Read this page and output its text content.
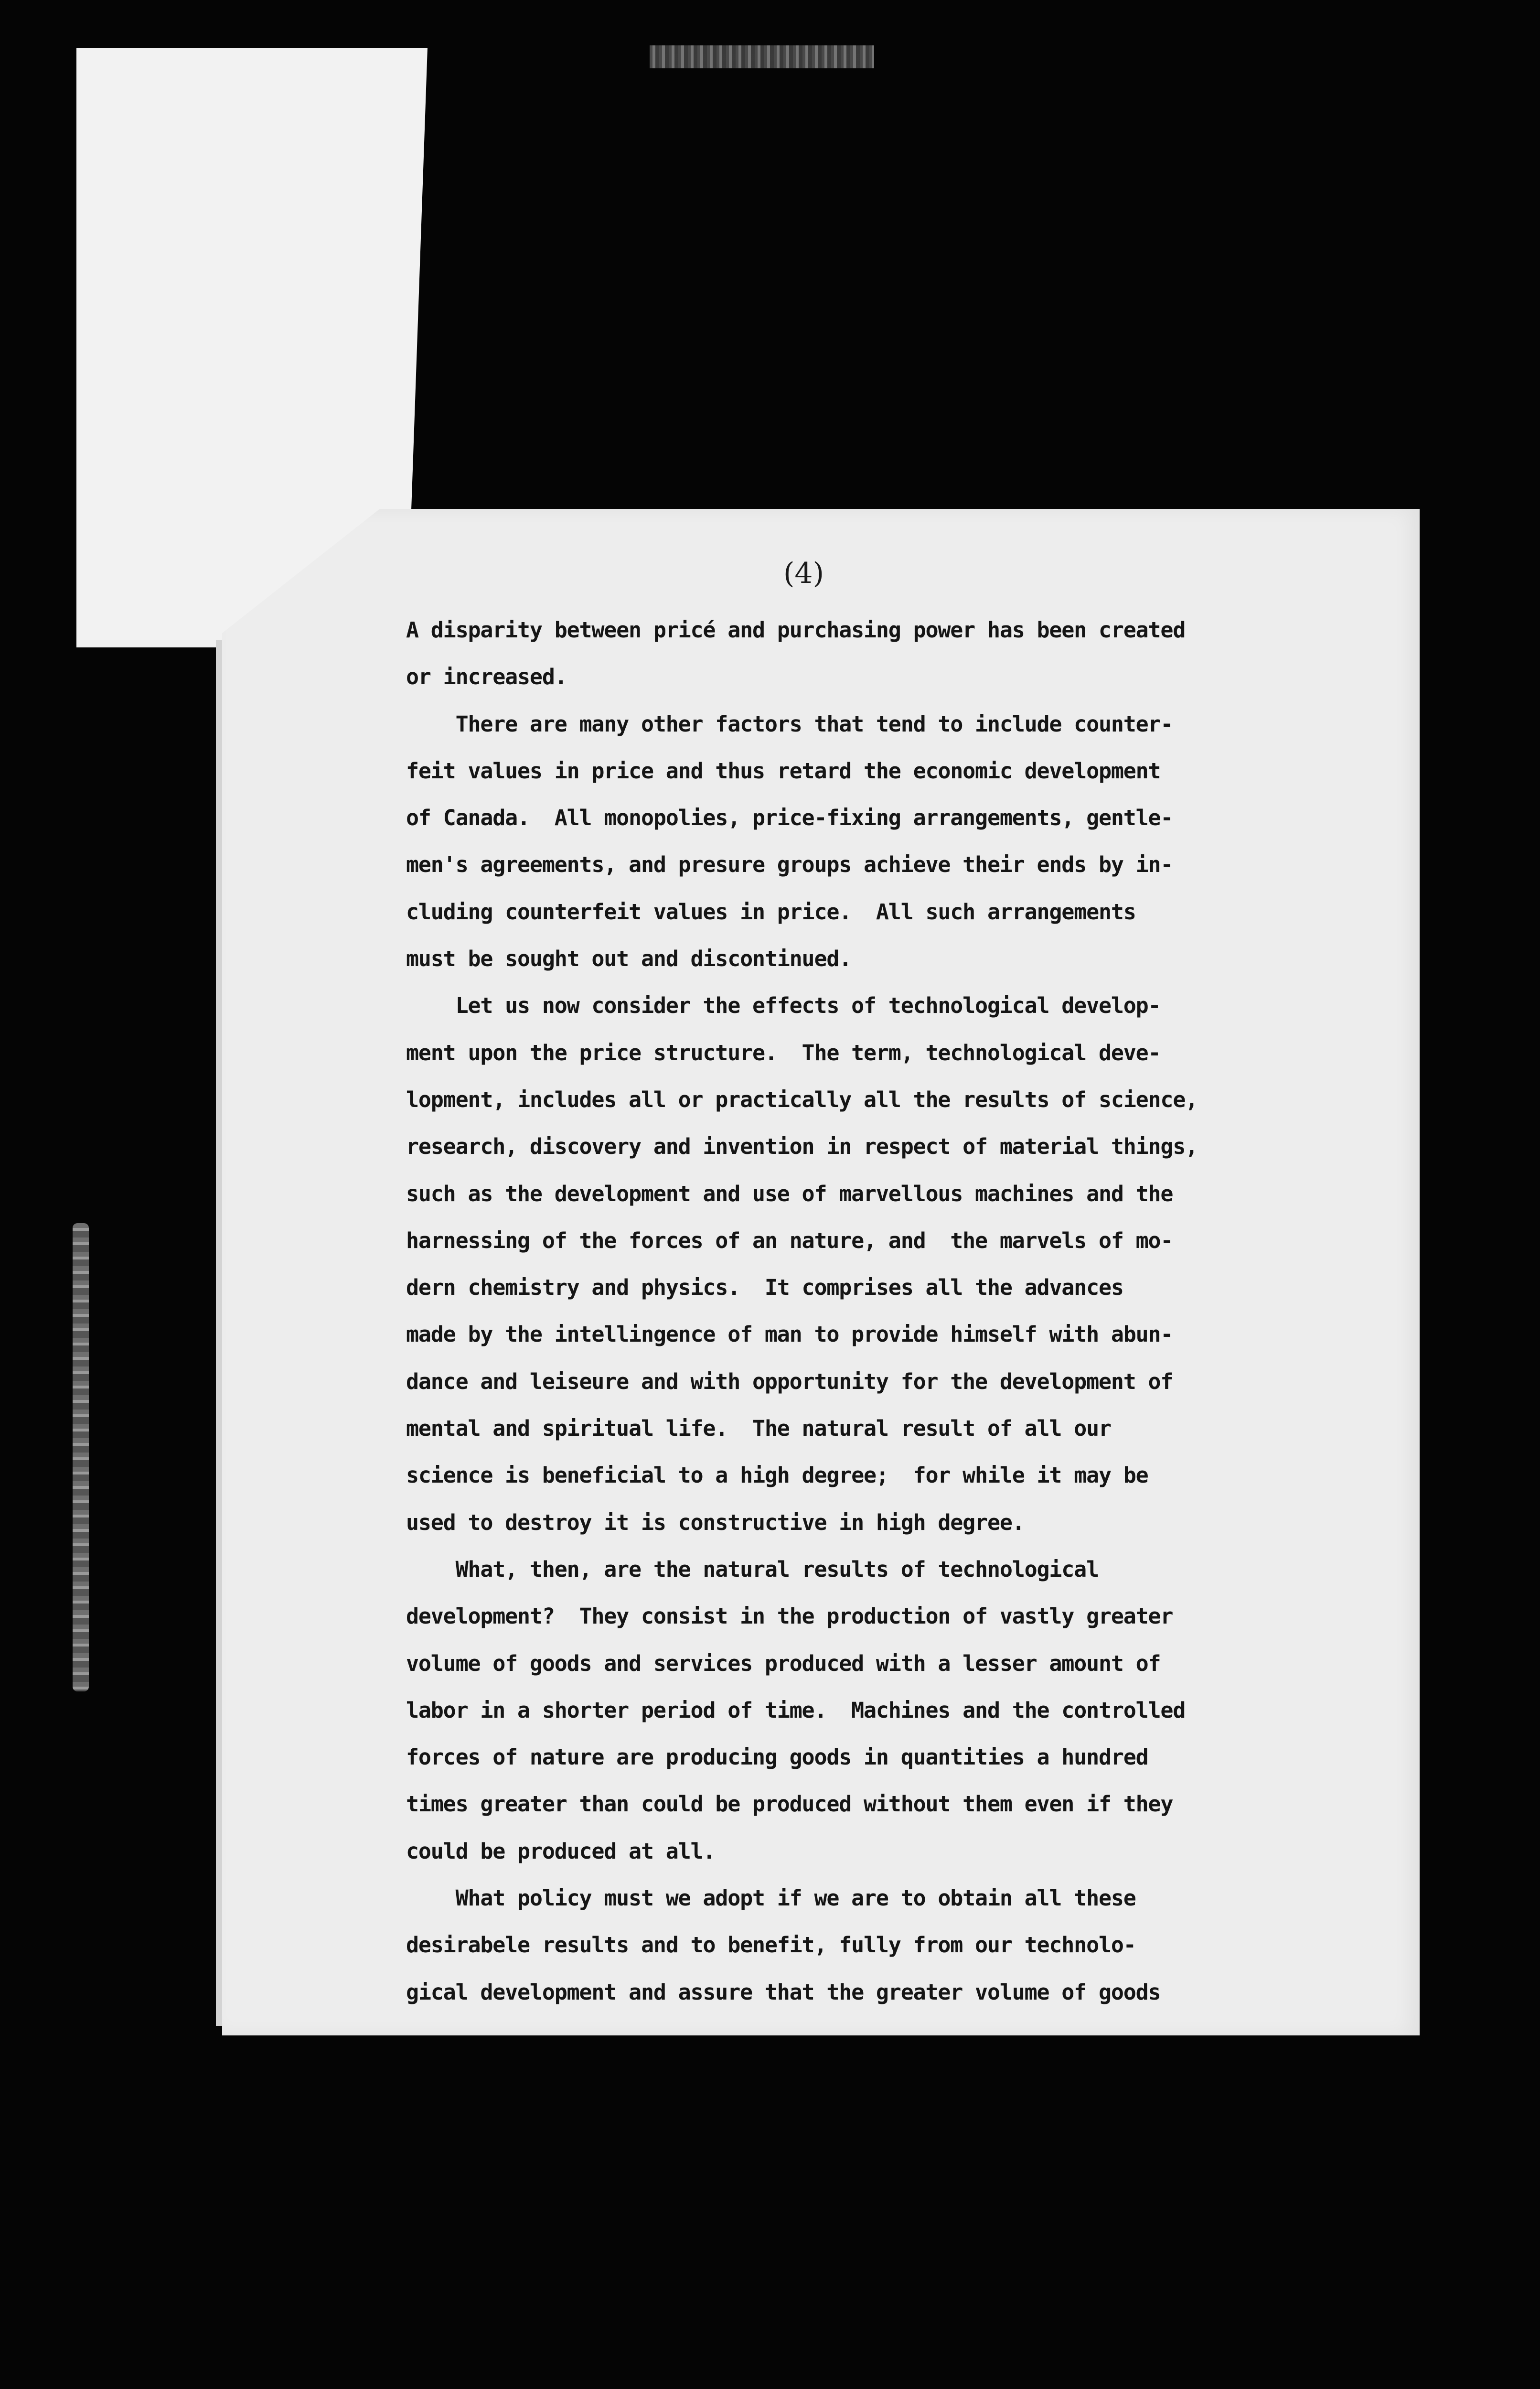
(4)
A disparity between pricé and purchasing power has been created
or increased.
There are many other factors that tend to include counter-
feit values in price and thus retard the economic development
of Canada.  All monopolies, price-fixing arrangements, gentle-
men's agreements, and presure groups achieve their ends by in-
cluding counterfeit values in price.  All such arrangements
must be sought out and discontinued.
Let us now consider the effects of technological develop-
ment upon the price structure.  The term, technological deve-
lopment, includes all or practically all the results of science,
research, discovery and invention in respect of material things,
such as the development and use of marvellous machines and the
harnessing of the forces of an nature, and  the marvels of mo-
dern chemistry and physics.  It comprises all the advances
made by the intellingence of man to provide himself with abun-
dance and leiseure and with opportunity for the development of
mental and spiritual life.  The natural result of all our
science is beneficial to a high degree;  for while it may be
used to destroy it is constructive in high degree.
What, then, are the natural results of technological
development?  They consist in the production of vastly greater
volume of goods and services produced with a lesser amount of
labor in a shorter period of time.  Machines and the controlled
forces of nature are producing goods in quantities a hundred
times greater than could be produced without them even if they
could be produced at all.
What policy must we adopt if we are to obtain all these
desirabele results and to benefit, fully from our technolo-
gical development and assure that the greater volume of goods
